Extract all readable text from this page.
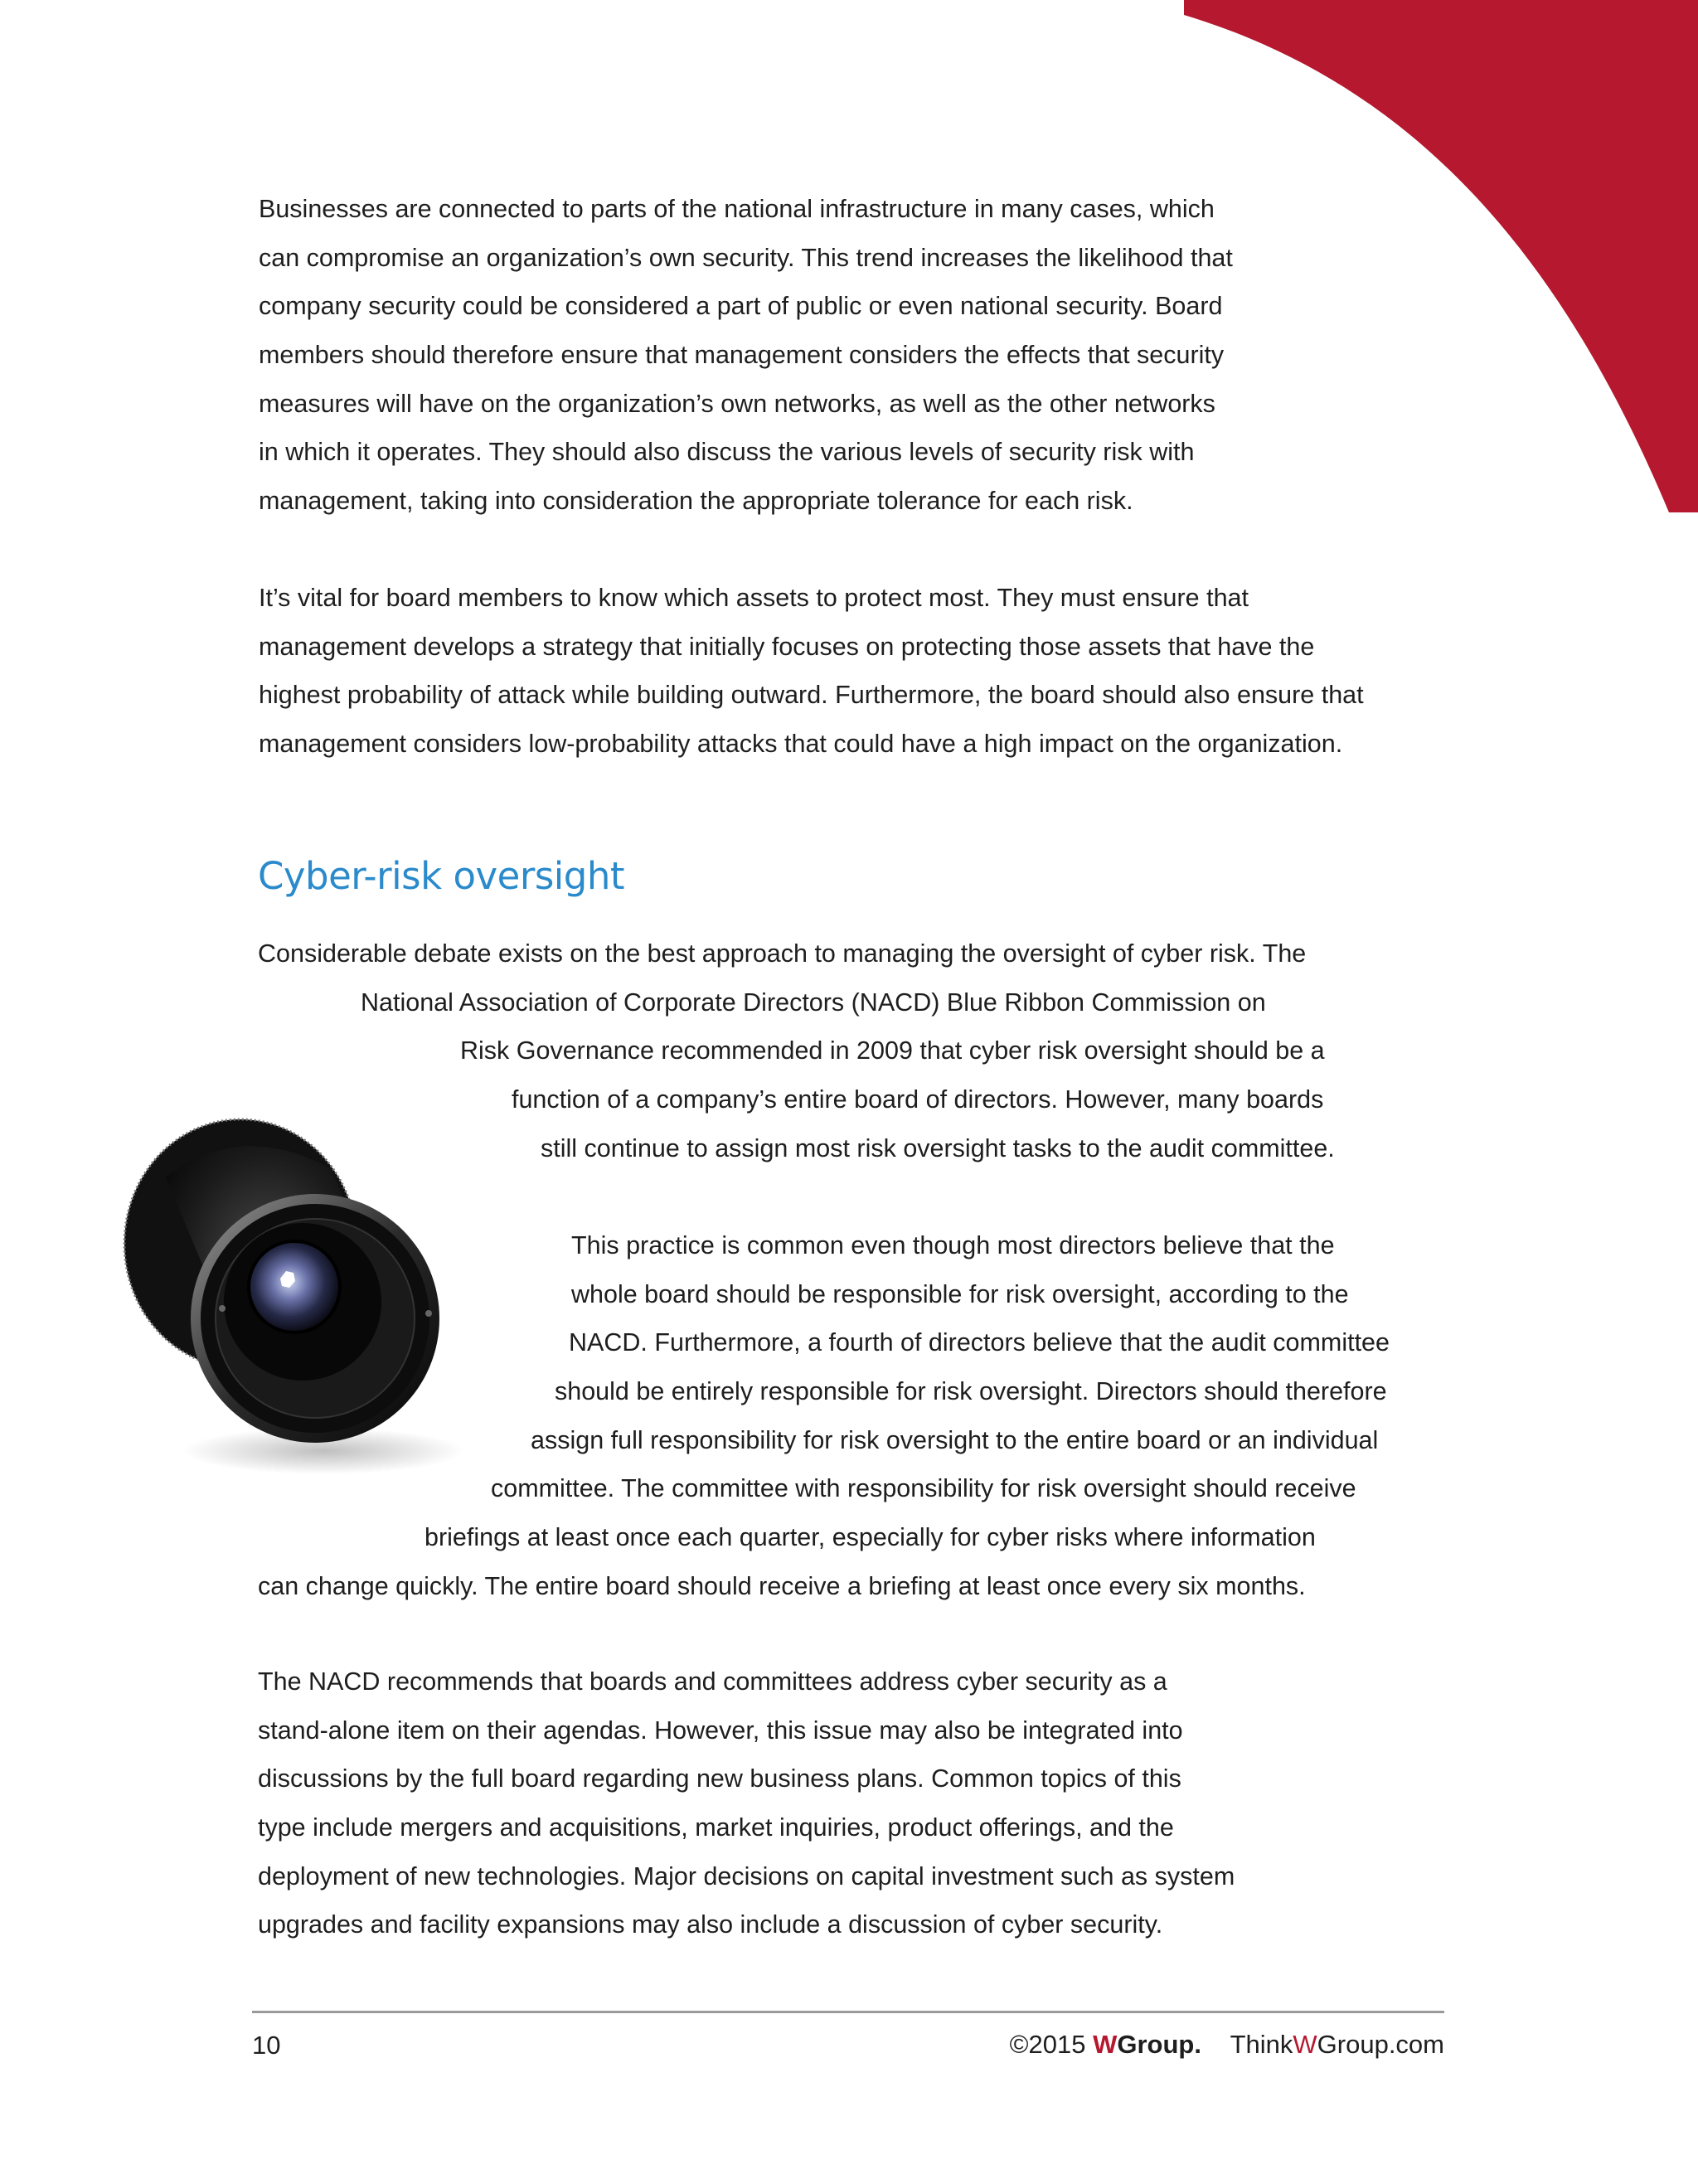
Businesses are connected to parts of the national infrastructure in many cases, which
can compromise an organization’s own security. This trend increases the likelihood that
company security could be considered a part of public or even national security. Board
members should therefore ensure that management considers the effects that security
measures will have on the organization’s own networks, as well as the other networks
in which it operates. They should also discuss the various levels of security risk with
management, taking into consideration the appropriate tolerance for each risk.

It’s vital for board members to know which assets to protect most. They must ensure that
management develops a strategy that initially focuses on protecting those assets that have the
highest probability of attack while building outward. Furthermore, the board should also ensure that
management considers low-probability attacks that could have a high impact on the organization.

Cyber-risk oversight

Considerable debate exists on the best approach to managing the oversight of cyber risk. The
National Association of Corporate Directors (NACD) Blue Ribbon Commission on
Risk Governance recommended in 2009 that cyber risk oversight should be a
function of a company’s entire board of directors. However, many boards
still continue to assign most risk oversight tasks to the audit committee.

This practice is common even though most directors believe that the
whole board should be responsible for risk oversight, according to the
NACD. Furthermore, a fourth of directors believe that the audit committee
should be entirely responsible for risk oversight. Directors should therefore
assign full responsibility for risk oversight to the entire board or an individual
committee. The committee with responsibility for risk oversight should receive
briefings at least once each quarter, especially for cyber risks where information
can change quickly. The entire board should receive a briefing at least once every six months.

The NACD recommends that boards and committees address cyber security as a
stand-alone item on their agendas. However, this issue may also be integrated into
discussions by the full board regarding new business plans. Common topics of this
type include mergers and acquisitions, market inquiries, product offerings, and the
deployment of new technologies. Major decisions on capital investment such as system
upgrades and facility expansions may also include a discussion of cyber security.

10	©2015 WGroup. ThinkWGroup.com
